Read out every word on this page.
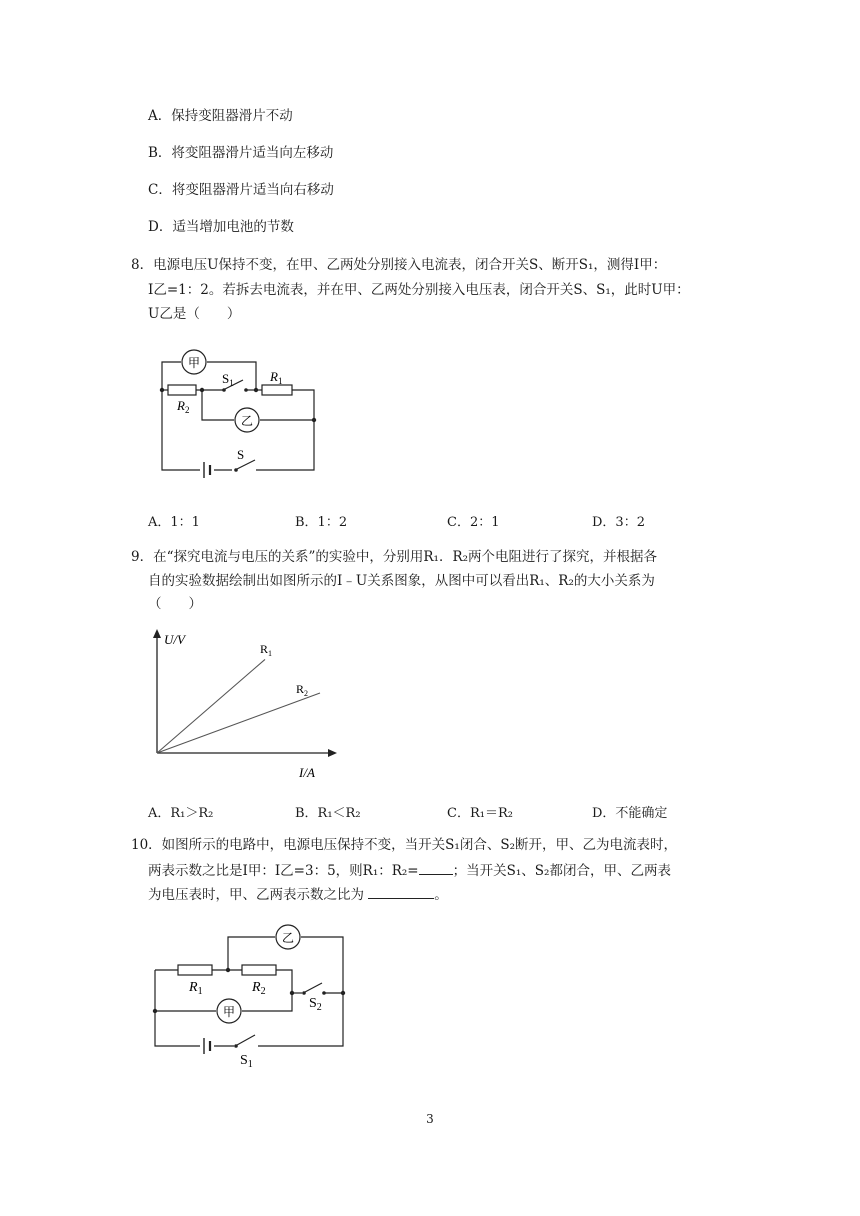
A．保持变阻器滑片不动
B．将变阻器滑片适当向左移动
C．将变阻器滑片适当向右移动
D．适当增加电池的节数
8．电源电压U保持不变，在甲、乙两处分别接入电流表，闭合开关S、断开S₁，测得I甲：
I乙=1：2。若拆去电流表，并在甲、乙两处分别接入电压表，闭合开关S、S₁，此时U甲：
U乙是（　　）
甲
乙
$S_1$	$R_1$
$R_2$
S
A．1：1	B．1：2	C．2：1	D．3：2
9．在“探究电流与电压的关系”的实验中，分别用R₁．R₂两个电阻进行了探究，并根据各
自的实验数据绘制出如图所示的I﹣U关系图象，从图中可以看出R₁、R₂的大小关系为
（　　）
U/V
I/A
$R_1$
$R_2$
A．R₁＞R₂	B．R₁＜R₂	C．R₁＝R₂	D．不能确定
10．如图所示的电路中，电源电压保持不变，当开关S₁闭合、S₂断开，甲、乙为电流表时，
两表示数之比是I甲：I乙=3：5，则R₁：R₂=	；当开关S₁、S₂都闭合，甲、乙两表
为电压表时，甲、乙两表示数之比为	。
乙
甲
$R_1$	$R_2$
$S_2$
$S_1$
3
